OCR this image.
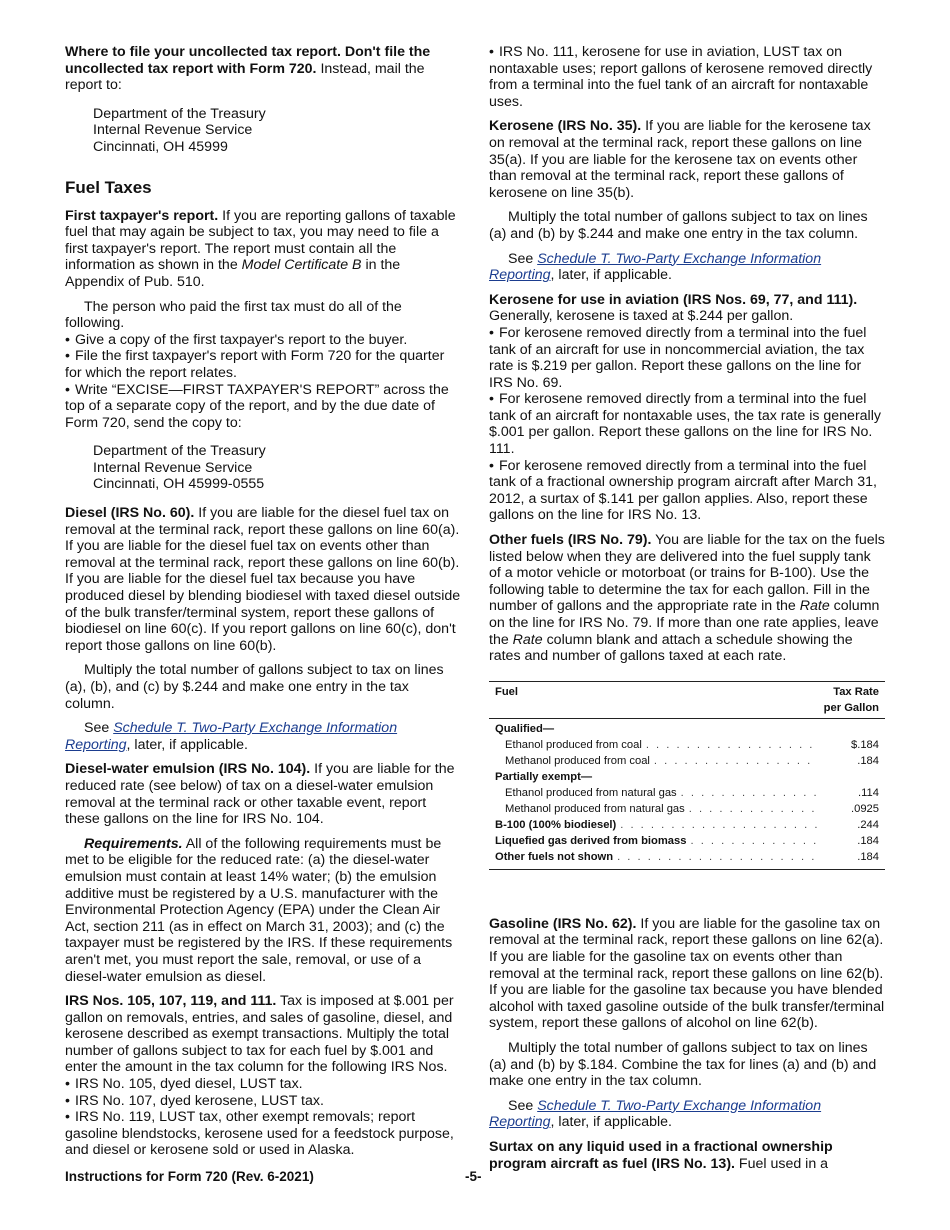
Where to file your uncollected tax report. Don't file the uncollected tax report with Form 720. Instead, mail the report to:

Department of the Treasury
Internal Revenue Service
Cincinnati, OH 45999
Fuel Taxes

First taxpayer's report. If you are reporting gallons of taxable fuel that may again be subject to tax, you may need to file a first taxpayer's report. The report must contain all the information as shown in the Model Certificate B in the Appendix of Pub. 510.

The person who paid the first tax must do all of the following.

• Give a copy of the first taxpayer's report to the buyer.
• File the first taxpayer's report with Form 720 for the quarter for which the report relates.
• Write “EXCISE—FIRST TAXPAYER'S REPORT” across the top of a separate copy of the report, and by the due date of Form 720, send the copy to:
Department of the Treasury
Internal Revenue Service
Cincinnati, OH 45999-0555

Diesel (IRS No. 60). If you are liable for the diesel fuel tax on removal at the terminal rack, report these gallons on line 60(a). If you are liable for the diesel fuel tax on events other than removal at the terminal rack, report these gallons on line 60(b). If you are liable for the diesel fuel tax because you have produced diesel by blending biodiesel with taxed diesel outside of the bulk transfer/terminal system, report these gallons of biodiesel on line 60(c). If you report gallons on line 60(c), don't report those gallons on line 60(b).

Multiply the total number of gallons subject to tax on lines (a), (b), and (c) by $.244 and make one entry in the tax column.

See Schedule T. Two-Party Exchange Information Reporting, later, if applicable.

Diesel-water emulsion (IRS No. 104). If you are liable for the reduced rate (see below) of tax on a diesel-water emulsion removal at the terminal rack or other taxable event, report these gallons on the line for IRS No. 104.

Requirements. All of the following requirements must be met to be eligible for the reduced rate: (a) the diesel-water emulsion must contain at least 14% water; (b) the emulsion additive must be registered by a U.S. manufacturer with the Environmental Protection Agency (EPA) under the Clean Air Act, section 211 (as in effect on March 31, 2003); and (c) the taxpayer must be registered by the IRS. If these requirements aren't met, you must report the sale, removal, or use of a diesel-water emulsion as diesel.

IRS Nos. 105, 107, 119, and 111. Tax is imposed at $.001 per gallon on removals, entries, and sales of gasoline, diesel, and kerosene described as exempt transactions. Multiply the total number of gallons subject to tax for each fuel by $.001 and enter the amount in the tax column for the following IRS Nos.

• IRS No. 105, dyed diesel, LUST tax.
• IRS No. 107, dyed kerosene, LUST tax.
• IRS No. 119, LUST tax, other exempt removals; report gasoline blendstocks, kerosene used for a feedstock purpose, and diesel or kerosene sold or used in Alaska.
• IRS No. 111, kerosene for use in aviation, LUST tax on nontaxable uses; report gallons of kerosene removed directly from a terminal into the fuel tank of an aircraft for nontaxable uses.

Kerosene (IRS No. 35). If you are liable for the kerosene tax on removal at the terminal rack, report these gallons on line 35(a). If you are liable for the kerosene tax on events other than removal at the terminal rack, report these gallons of kerosene on line 35(b).

Multiply the total number of gallons subject to tax on lines (a) and (b) by $.244 and make one entry in the tax column.

See Schedule T. Two-Party Exchange Information Reporting, later, if applicable.

Kerosene for use in aviation (IRS Nos. 69, 77, and 111).
Generally, kerosene is taxed at $.244 per gallon.
• For kerosene removed directly from a terminal into the fuel tank of an aircraft for use in noncommercial aviation, the tax rate is $.219 per gallon. Report these gallons on the line for IRS No. 69.
• For kerosene removed directly from a terminal into the fuel tank of an aircraft for nontaxable uses, the tax rate is generally $.001 per gallon. Report these gallons on the line for IRS No. 111.
• For kerosene removed directly from a terminal into the fuel tank of a fractional ownership program aircraft after March 31, 2012, a surtax of $.141 per gallon applies. Also, report these gallons on the line for IRS No. 13.

Other fuels (IRS No. 79). You are liable for the tax on the fuels listed below when they are delivered into the fuel supply tank of a motor vehicle or motorboat (or trains for B-100). Use the following table to determine the tax for each gallon. Fill in the number of gallons and the appropriate rate in the Rate column on the line for IRS No. 79. If more than one rate applies, leave the Rate column blank and attach a schedule showing the rates and number of gallons taxed at each rate.

Fuel	Tax Rate
per Gallon
Qualified—
Ethanol produced from coal . . .	$.184
Methanol produced from coal . . .	.184
Partially exempt—
Ethanol produced from natural gas . . .	.114
Methanol produced from natural gas . . .	.0925
B-100 (100% biodiesel) . . .	.244
Liquefied gas derived from biomass . . .	.184
Other fuels not shown . . .	.184

Gasoline (IRS No. 62). If you are liable for the gasoline tax on removal at the terminal rack, report these gallons on line 62(a). If you are liable for the gasoline tax on events other than removal at the terminal rack, report these gallons on line 62(b). If you are liable for the gasoline tax because you have blended alcohol with taxed gasoline outside of the bulk transfer/terminal system, report these gallons of alcohol on line 62(b).

Multiply the total number of gallons subject to tax on lines (a) and (b) by $.184. Combine the tax for lines (a) and (b) and make one entry in the tax column.

See Schedule T. Two-Party Exchange Information Reporting, later, if applicable.

Surtax on any liquid used in a fractional ownership program aircraft as fuel (IRS No. 13). Fuel used in a

Instructions for Form 720 (Rev. 6-2021)	-5-
